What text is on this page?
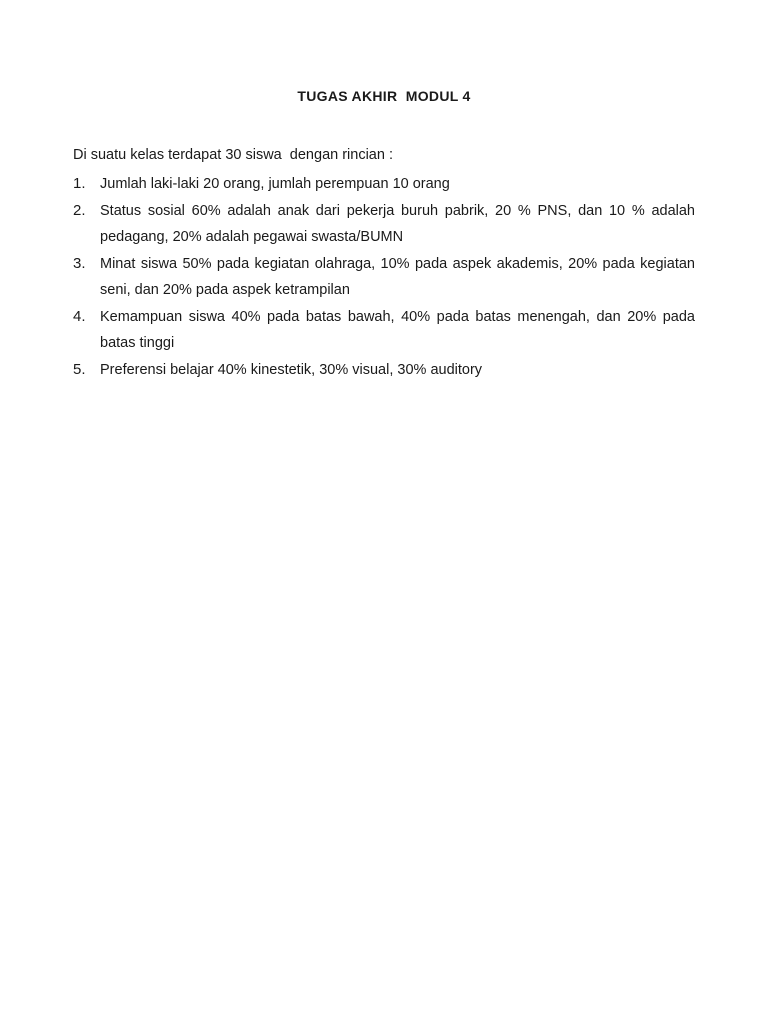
TUGAS AKHIR  MODUL 4
Di suatu kelas terdapat 30 siswa  dengan rincian :
1. Jumlah laki-laki 20 orang, jumlah perempuan 10 orang
2. Status sosial 60% adalah anak dari pekerja buruh pabrik, 20 % PNS, dan 10 % adalah pedagang, 20% adalah pegawai swasta/BUMN
3. Minat siswa 50% pada kegiatan olahraga, 10% pada aspek akademis, 20% pada kegiatan seni, dan 20% pada aspek ketrampilan
4. Kemampuan siswa 40% pada batas bawah, 40% pada batas menengah, dan 20% pada batas tinggi
5. Preferensi belajar 40% kinestetik, 30% visual, 30% auditory
